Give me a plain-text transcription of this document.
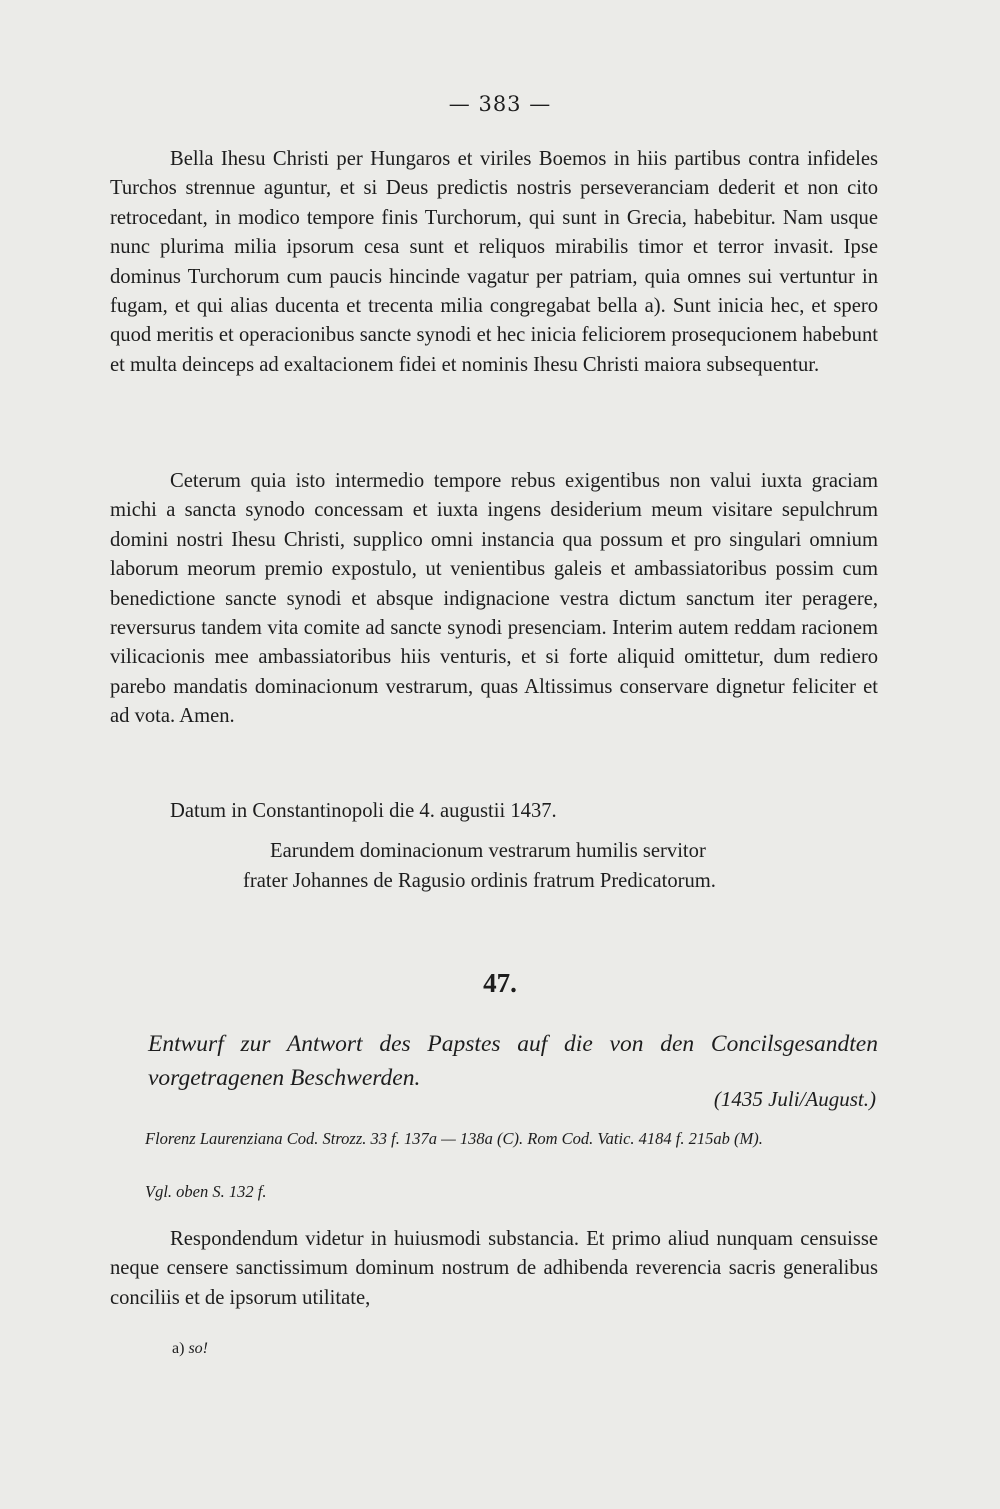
— 383 —

Bella Ihesu Christi per Hungaros et viriles Boemos in hiis partibus contra infideles Turchos strennue aguntur, et si Deus predictis nostris perseveranciam dederit et non cito retrocedant, in modico tempore finis Turchorum, qui sunt in Grecia, habebitur. Nam usque nunc plurima milia ipsorum cesa sunt et reliquos mirabilis timor et terror invasit. Ipse dominus Turchorum cum paucis hincinde vagatur per patriam, quia omnes sui vertuntur in fugam, et qui alias ducenta et trecenta milia congregabat bella a). Sunt inicia hec, et spero quod meritis et operacionibus sancte synodi et hec inicia feliciorem prosequcionem habebunt et multa deinceps ad exaltacionem fidei et nominis Ihesu Christi maiora subsequentur.

Ceterum quia isto intermedio tempore rebus exigentibus non valui iuxta graciam michi a sancta synodo concessam et iuxta ingens desiderium meum visitare sepulchrum domini nostri Ihesu Christi, supplico omni instancia qua possum et pro singulari omnium laborum meorum premio expostulo, ut venientibus galeis et ambassiatoribus possim cum benedictione sancte synodi et absque indignacione vestra dictum sanctum iter peragere, reversurus tandem vita comite ad sancte synodi presenciam. Interim autem reddam racionem vilicacionis mee ambassiatoribus hiis venturis, et si forte aliquid omittetur, dum rediero parebo mandatis dominacionum vestrarum, quas Altissimus conservare dignetur feliciter et ad vota. Amen.

Datum in Constantinopoli die 4. augustii 1437.
Earundem dominacionum vestrarum humilis servitor
frater Johannes de Ragusio ordinis fratrum Predicatorum.
47.
Entwurf zur Antwort des Papstes auf die von den Concilsgesandten vorgetragenen Beschwerden.
(1435 Juli/August.)
Florenz Laurenziana Cod. Strozz. 33 f. 137a — 138a (C). Rom Cod. Vatic. 4184 f. 215ab (M).
Vgl. oben S. 132 f.

Respondendum videtur in huiusmodi substancia. Et primo aliud nunquam censuisse neque censere sanctissimum dominum nostrum de adhibenda reverencia sacris generalibus conciliis et de ipsorum utilitate,

a) so!
